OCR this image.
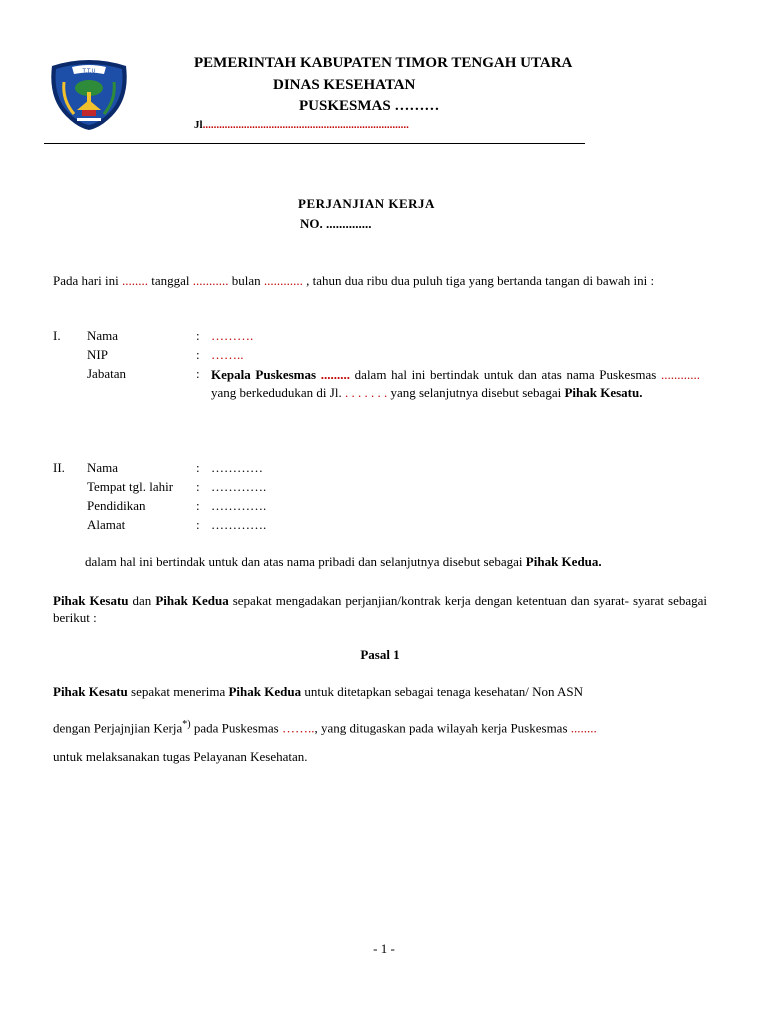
T.T.U
PEMERINTAH KABUPATEN TIMOR TENGAH UTARA
DINAS KESEHATAN
PUSKESMAS ………
Jl...........................................................................
PERJANJIAN KERJA
NO. ..............
Pada hari ini ........ tanggal ........... bulan ............ , tahun dua ribu dua puluh tiga yang bertanda tangan di bawah ini :
I. Nama	: ……….
NIP	: ……..
Jabatan	: Kepala Puskesmas ......... dalam hal ini bertindak untuk dan atas nama Puskesmas ............ yang berkedudukan di Jl. . . . . . . . yang selanjutnya disebut sebagai Pihak Kesatu.
II. Nama	: …………
Tempat tgl. lahir : ………….
Pendidikan	: ………….
Alamat	: ………….
dalam hal ini bertindak untuk dan atas nama pribadi dan selanjutnya disebut sebagai Pihak Kedua.
Pihak Kesatu dan Pihak Kedua sepakat mengadakan perjanjian/kontrak kerja dengan ketentuan dan syarat- syarat sebagai berikut :
Pasal 1
Pihak Kesatu sepakat menerima Pihak Kedua untuk ditetapkan sebagai tenaga kesehatan/ Non ASN
dengan Perjajnjian Kerja*) pada Puskesmas …….., yang ditugaskan pada wilayah kerja Puskesmas ........
untuk melaksanakan tugas Pelayanan Kesehatan.
- 1 -
